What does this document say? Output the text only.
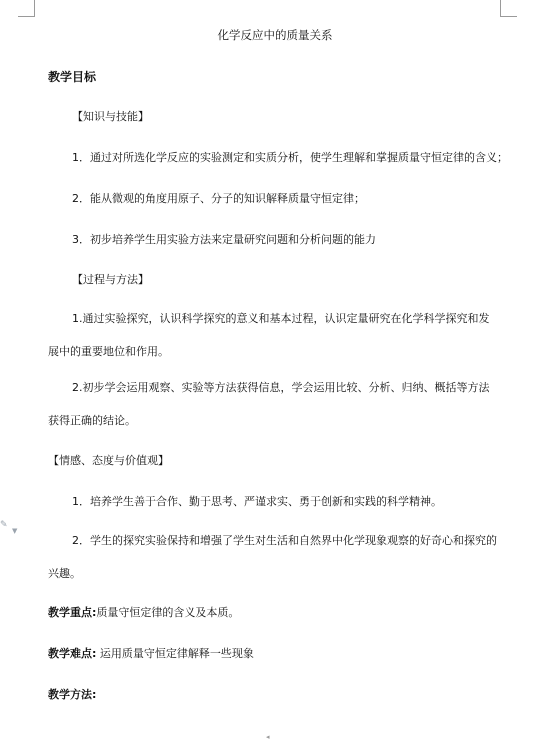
✎
▼
化学反应中的质量关系
教学目标
【知识与技能】
1．通过对所选化学反应的实验测定和实质分析，使学生理解和掌握质量守恒定律的含义；
2．能从微观的角度用原子、分子的知识解释质量守恒定律；
3．初步培养学生用实验方法来定量研究问题和分析问题的能力
【过程与方法】
1.通过实验探究，认识科学探究的意义和基本过程，认识定量研究在化学科学探究和发展中的重要地位和作用。
2.初步学会运用观察、实验等方法获得信息，学会运用比较、分析、归纳、概括等方法获得正确的结论。
【情感、态度与价值观】
1．培养学生善于合作、勤于思考、严谨求实、勇于创新和实践的科学精神。
2．学生的探究实验保持和增强了学生对生活和自然界中化学现象观察的好奇心和探究的兴趣。
教学重点:质量守恒定律的含义及本质。
教学难点: 运用质量守恒定律解释一些现象
教学方法:
◂
